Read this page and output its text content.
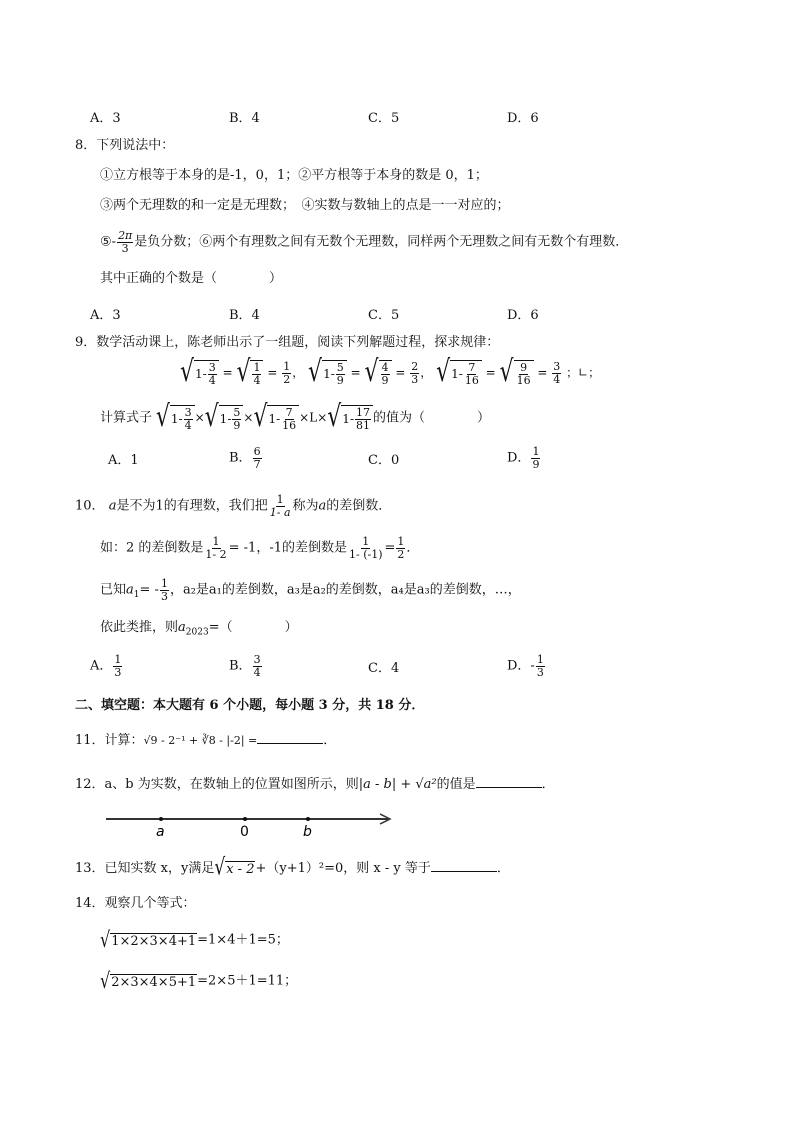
A．3	B．4	C．5	D．6
8．下列说法中：
①立方根等于本身的是-1，0，1；②平方根等于本身的数是 0，1；
③两个无理数的和一定是无理数；　④实数与数轴上的点是一一对应的；
⑤- $\frac{2\pi}{3}$ 是负分数；⑥两个有理数之间有无数个无理数，同样两个无理数之间有无数个有理数．
其中正确的个数是（　　　　）
A．3	B．4	C．5	D．6
9．数学活动课上，陈老师出示了一组题，阅读下列解题过程，探求规律：
√ $1 - \frac{3}{4}$ = √ $\frac{1}{4} = \frac{1}{2}$ ， √ $1 - \frac{5}{9}$ = √ $\frac{4}{9} = \frac{2}{3}$ ， √ $1 - \frac{7}{16}$ = √ $\frac{9}{16} = \frac{3}{4}$ ；∟；
计算式子 √ $1 - \frac{3}{4}$ × √ $1 - \frac{5}{9}$ × √ $1 - \frac{7}{16} \times L\times$ √ $1 - \frac{17}{81}$ 的值为（　　　　）
A．1	B． $\frac{6}{7}$	C．0	D． $\frac{1}{9}$
10． a是不为1的有理数，我们把 $\frac{1}{1- a}$ 称为a的差倒数．
如：2 的差倒数是 $\frac{1}{1- 2} = -1$，-1的差倒数是 $\frac{1}{1- (-1)} = \frac{1}{2}$ ．
已知$a_1= - \frac{1}{3}$ ，a₂是a₁的差倒数，a₃是a₂的差倒数，a₄是a₃的差倒数，…，
依此类推，则$a_{2023}=$（　　　　）
A． $\frac{1}{3}$	B． $\frac{3}{4}$	C．4	D．- $\frac{1}{3}$
二、填空题：本大题有 6 个小题，每小题 3 分，共 18 分．
11．计算：√9 - 2⁻¹ + ∛8 - |-2| =	．
12．a、b 为实数，在数轴上的位置如图所示，则|a - b| + √a²的值是	．
a	0	b
13．已知实数 x，y满足 √ x - 2 +（y+1）²=0，则 x - y 等于	．
14．观察几个等式：
√ 1×2×3×4+1 =1×4＋1=5；
√ 2×3×4×5+1 =2×5＋1=11；
